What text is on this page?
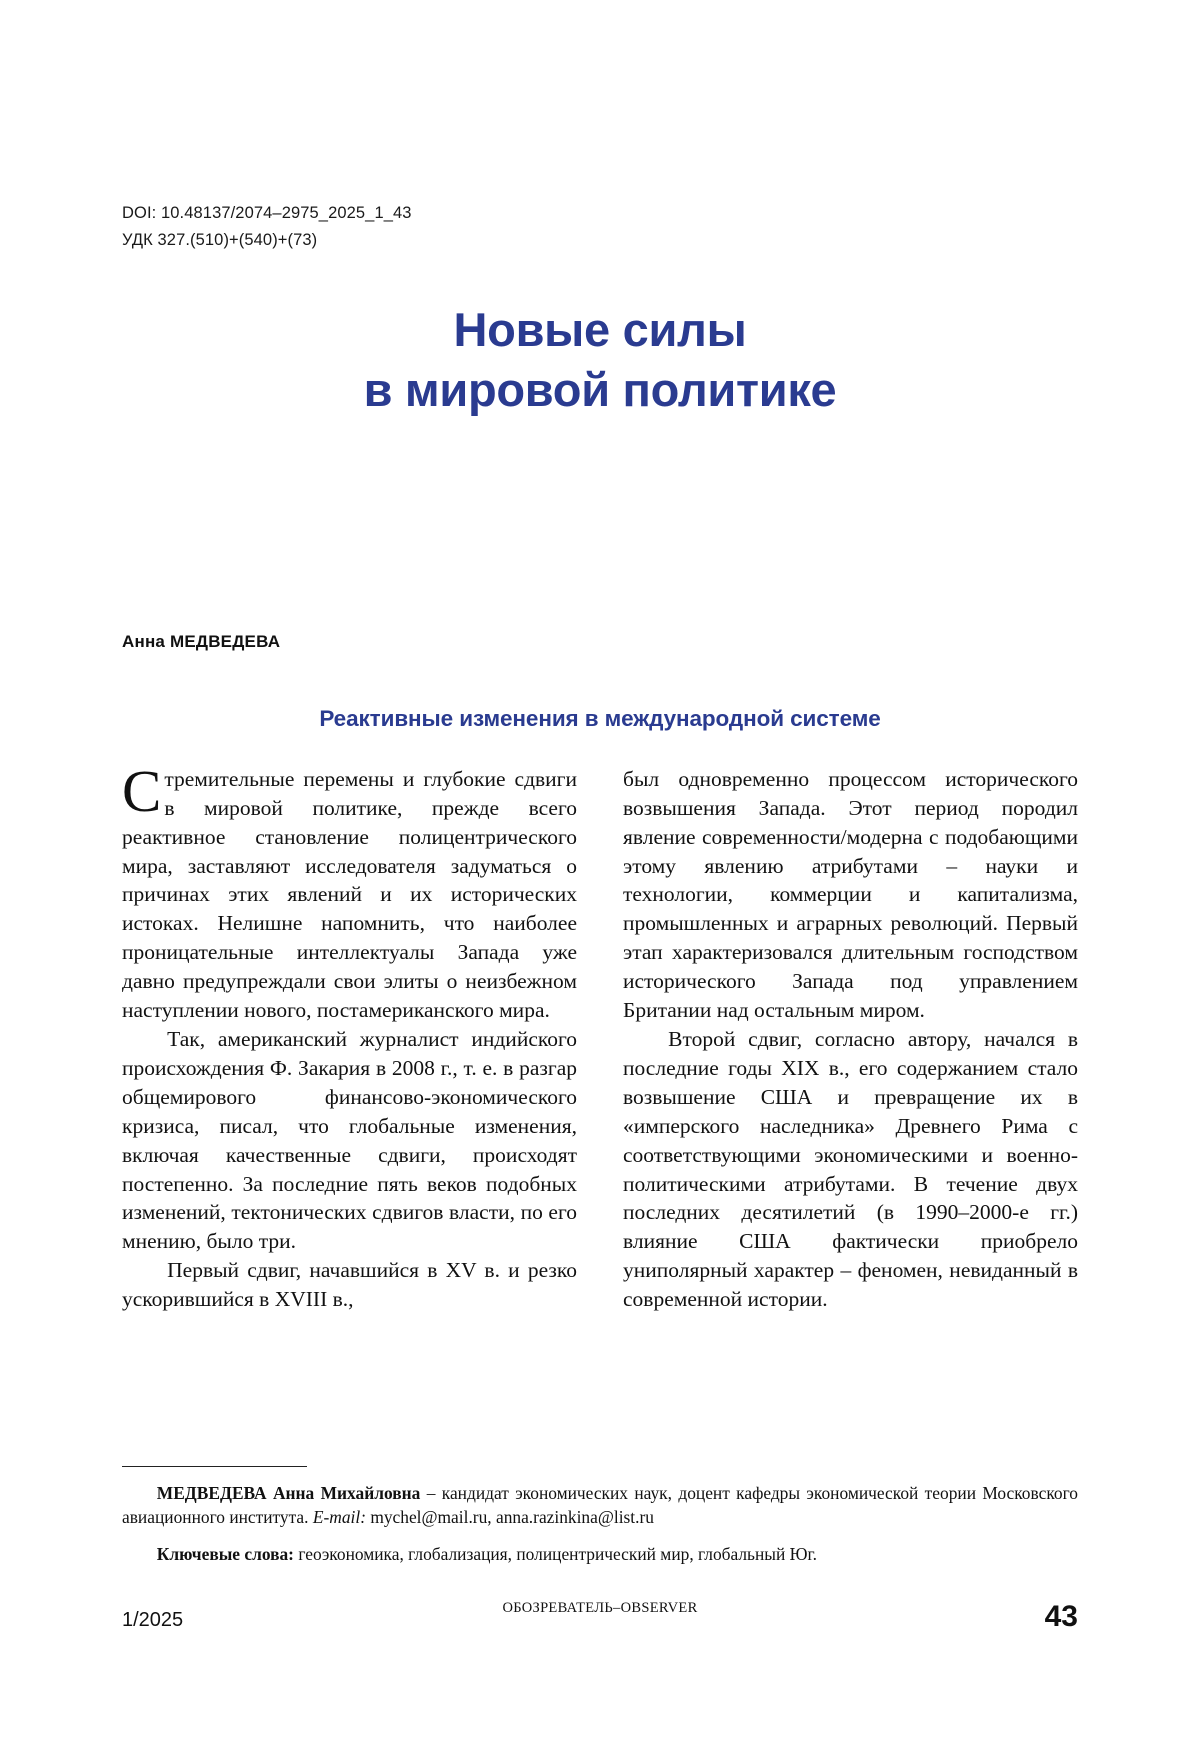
DOI: 10.48137/2074–2975_2025_1_43
УДК 327.(510)+(540)+(73)
Новые силы
в мировой политике
Анна МЕДВЕДЕВА
Реактивные изменения в международной системе

Стремительные перемены и глубокие сдвиги в мировой политике, прежде всего реактивное становление полицентрического мира, заставляют исследователя задуматься о причинах этих явлений и их исторических истоках. Нелишне напомнить, что наиболее проницательные интеллектуалы Запада уже давно предупреждали свои элиты о неизбежном наступлении нового, постамериканского мира.

Так, американский журналист индийского происхождения Ф. Закария в 2008 г., т. е. в разгар общемирового финансово-экономического кризиса, писал, что глобальные изменения, включая качественные сдвиги, происходят постепенно. За последние пять веков подобных изменений, тектонических сдвигов власти, по его мнению, было три.

Первый сдвиг, начавшийся в XV в. и резко ускорившийся в XVIII в.,

был одновременно процессом исторического возвышения Запада. Этот период породил явление современности/модерна с подобающими этому явлению атрибутами – науки и технологии, коммерции и капитализма, промышленных и аграрных революций. Первый этап характеризовался длительным господством исторического Запада под управлением Британии над остальным миром.

Второй сдвиг, согласно автору, начался в последние годы XIX в., его содержанием стало возвышение США и превращение их в «имперского наследника» Древнего Рима с соответствующими экономическими и военно-политическими атрибутами. В течение двух последних десятилетий (в 1990–2000-е гг.) влияние США фактически приобрело униполярный характер – феномен, невиданный в современной истории.

МЕДВЕДЕВА Анна Михайловна – кандидат экономических наук, доцент кафедры экономической теории Московского авиационного института. E-mail: mychel@mail.ru, anna.razinkina@list.ru

Ключевые слова: геоэкономика, глобализация, полицентрический мир, глобальный Юг.

1/2025
ОБОЗРЕВАТЕЛЬ–OBSERVER	43
